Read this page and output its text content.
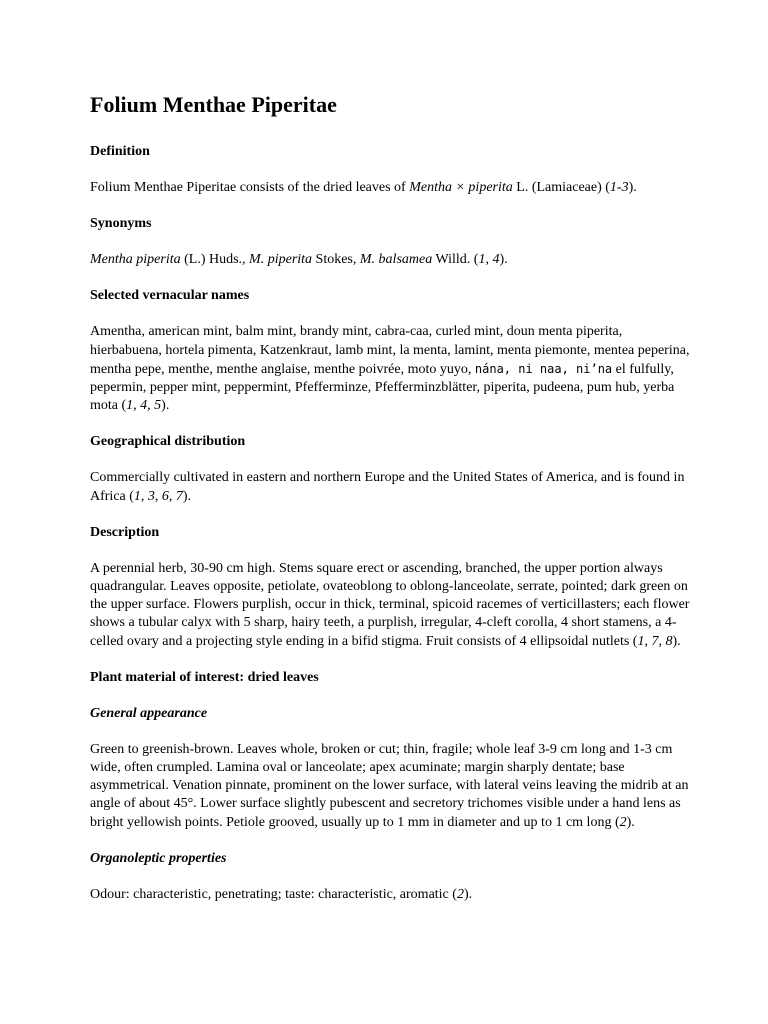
Folium Menthae Piperitae
Definition

Folium Menthae Piperitae consists of the dried leaves of Mentha × piperita L. (Lamiaceae) (1-3).

Synonyms

Mentha piperita (L.) Huds., M. piperita Stokes, M. balsamea Willd. (1, 4).

Selected vernacular names

Amentha, american mint, balm mint, brandy mint, cabra-caa, curled mint, doun menta piperita, hierbabuena, hortela pimenta, Katzenkraut, lamb mint, la menta, lamint, menta piemonte, mentea peperina, mentha pepe, menthe, menthe anglaise, menthe poivrée, moto yuyo, nána, ni naa, ni’na el fulfully, pepermin, pepper mint, peppermint, Pfefferminze, Pfefferminzblätter, piperita, pudeena, pum hub, yerba mota (1, 4, 5).

Geographical distribution

Commercially cultivated in eastern and northern Europe and the United States of America, and is found in Africa (1, 3, 6, 7).

Description

A perennial herb, 30-90 cm high. Stems square erect or ascending, branched, the upper portion always quadrangular. Leaves opposite, petiolate, ovateoblong to oblong-lanceolate, serrate, pointed; dark green on the upper surface. Flowers purplish, occur in thick, terminal, spicoid racemes of verticillasters; each flower shows a tubular calyx with 5 sharp, hairy teeth, a purplish, irregular, 4-cleft corolla, 4 short stamens, a 4-celled ovary and a projecting style ending in a bifid stigma. Fruit consists of 4 ellipsoidal nutlets (1, 7, 8).

Plant material of interest: dried leaves
General appearance

Green to greenish-brown. Leaves whole, broken or cut; thin, fragile; whole leaf 3-9 cm long and 1-3 cm wide, often crumpled. Lamina oval or lanceolate; apex acuminate; margin sharply dentate; base asymmetrical. Venation pinnate, prominent on the lower surface, with lateral veins leaving the midrib at an angle of about 45°. Lower surface slightly pubescent and secretory trichomes visible under a hand lens as bright yellowish points. Petiole grooved, usually up to 1 mm in diameter and up to 1 cm long (2).

Organoleptic properties

Odour: characteristic, penetrating; taste: characteristic, aromatic (2).
